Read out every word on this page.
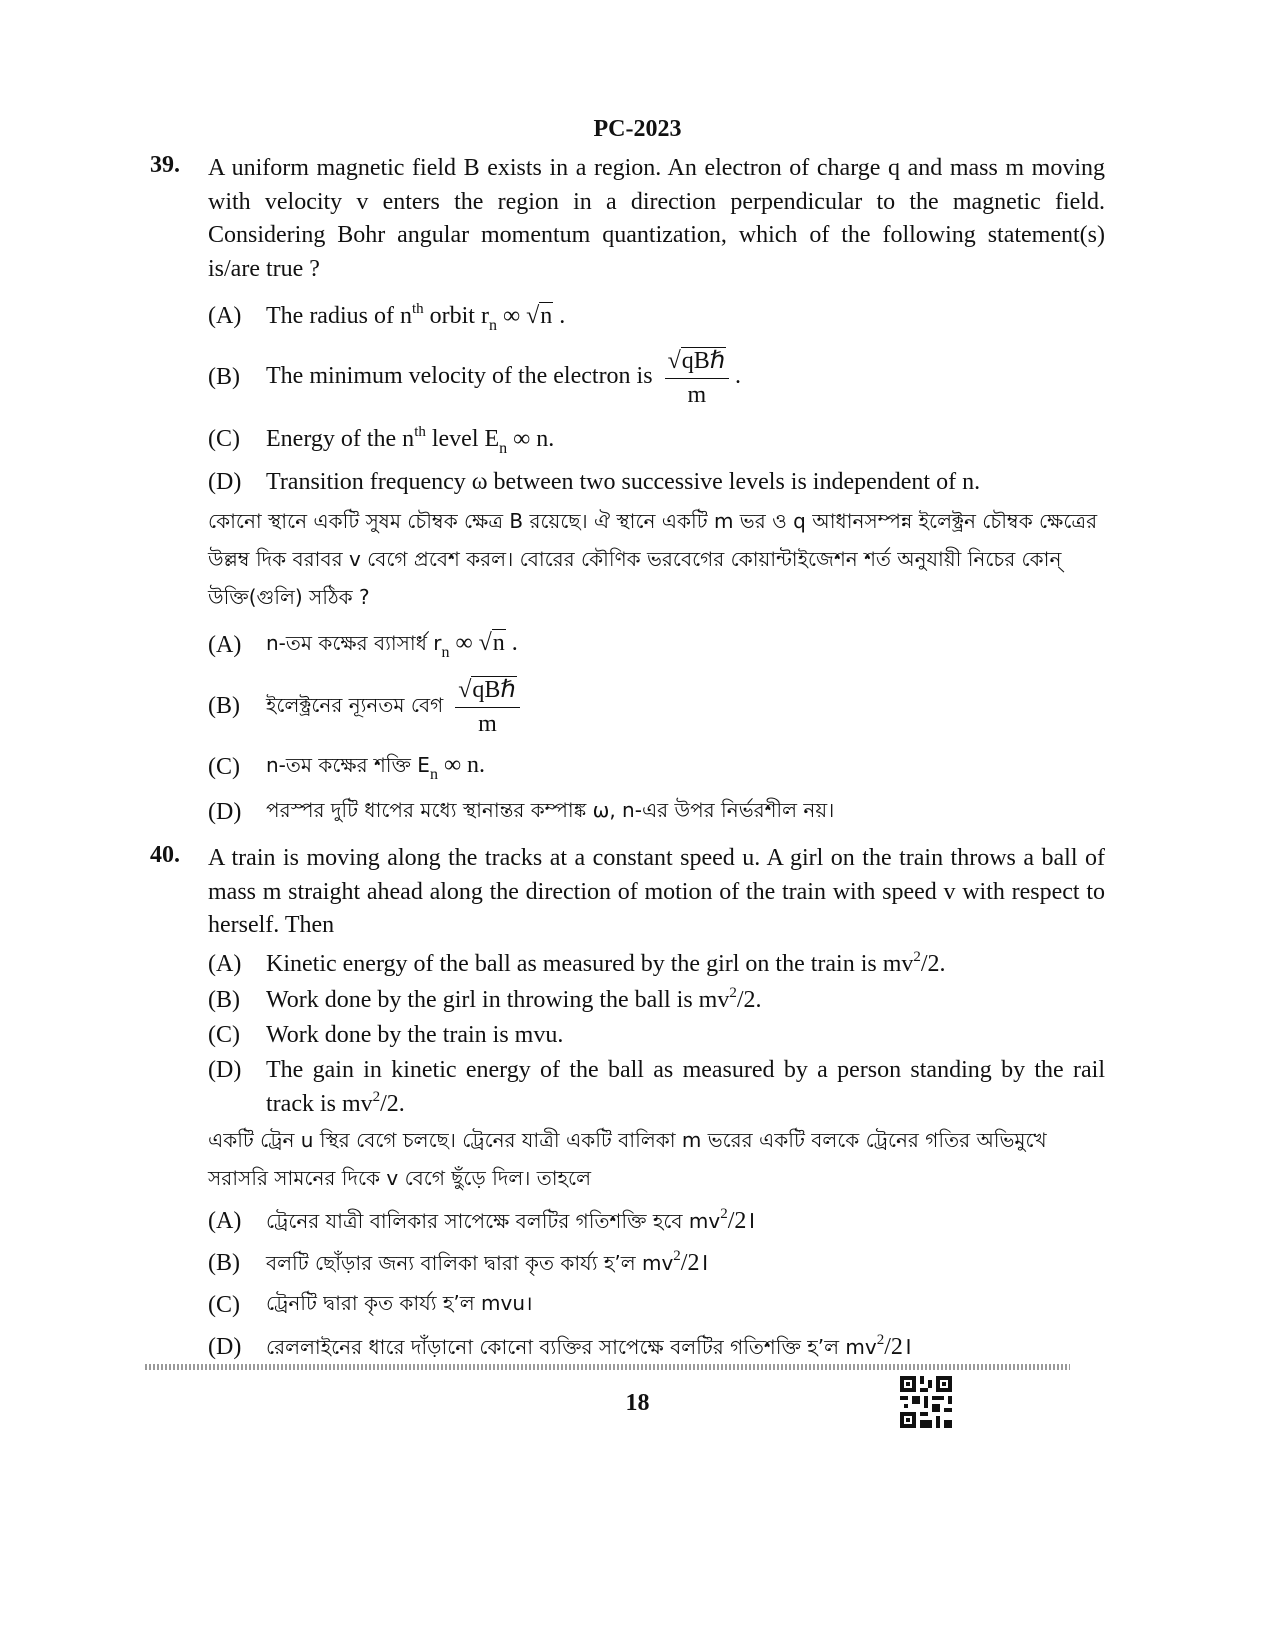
PC-2023
39. A uniform magnetic field B exists in a region. An electron of charge q and mass m moving with velocity v enters the region in a direction perpendicular to the magnetic field. Considering Bohr angular momentum quantization, which of the following statement(s) is/are true ?
(A)	The radius of $n^{th}$ orbit $r_n$ ∞ √n .
(B)	The minimum velocity of the electron is $\frac{\text{√qBℏ}}{m}$ .
(C)	Energy of the $n^{th}$ level $E_n$ ∞ n.
(D)	Transition frequency ω between two successive levels is independent of n.
কোনো স্থানে একটি সুষম চৌম্বক ক্ষেত্র B রয়েছে। ঐ স্থানে একটি m ভর ও q আধানসম্পন্ন ইলেক্ট্রন চৌম্বক ক্ষেত্রের উল্লম্ব দিক বরাবর v বেগে প্রবেশ করল। বোরের কৌণিক ভরবেগের কোয়ান্টাইজেশন শর্ত অনুযায়ী নিচের কোন্ উক্তি(গুলি) সঠিক ?
(A)	n-তম কক্ষের ব্যাসার্ধ $r_n$ ∞ √n .
(B)	ইলেক্ট্রনের ন্যূনতম বেগ $\frac{\text{√qBℏ}}{m}$
(C)	n-তম কক্ষের শক্তি $E_n$ ∞ n.
(D)	পরস্পর দুটি ধাপের মধ্যে স্থানান্তর কম্পাঙ্ক ω, n-এর উপর নির্ভরশীল নয়।
40. A train is moving along the tracks at a constant speed u. A girl on the train throws a ball of mass m straight ahead along the direction of motion of the train with speed v with respect to herself. Then
(A)	Kinetic energy of the ball as measured by the girl on the train is $mv^2/2$.
(B)	Work done by the girl in throwing the ball is $mv^2/2$.
(C)	Work done by the train is mvu.
(D)	The gain in kinetic energy of the ball as measured by a person standing by the rail track is $mv^2/2$.
একটি ট্রেন u স্থির বেগে চলছে। ট্রেনের যাত্রী একটি বালিকা m ভরের একটি বলকে ট্রেনের গতির অভিমুখে সরাসরি সামনের দিকে v বেগে ছুঁড়ে দিল। তাহলে
(A)	ট্রেনের যাত্রী বালিকার সাপেক্ষে বলটির গতিশক্তি হবে $mv^2/2।$
(B)	বলটি ছোঁড়ার জন্য বালিকা দ্বারা কৃত কার্য্য হ’ল $mv^2/2।$
(C)	ট্রেনটি দ্বারা কৃত কার্য্য হ’ল mvu।
(D)	রেললাইনের ধারে দাঁড়ানো কোনো ব্যক্তির সাপেক্ষে বলটির গতিশক্তি হ’ল $mv^2/2।$
18
